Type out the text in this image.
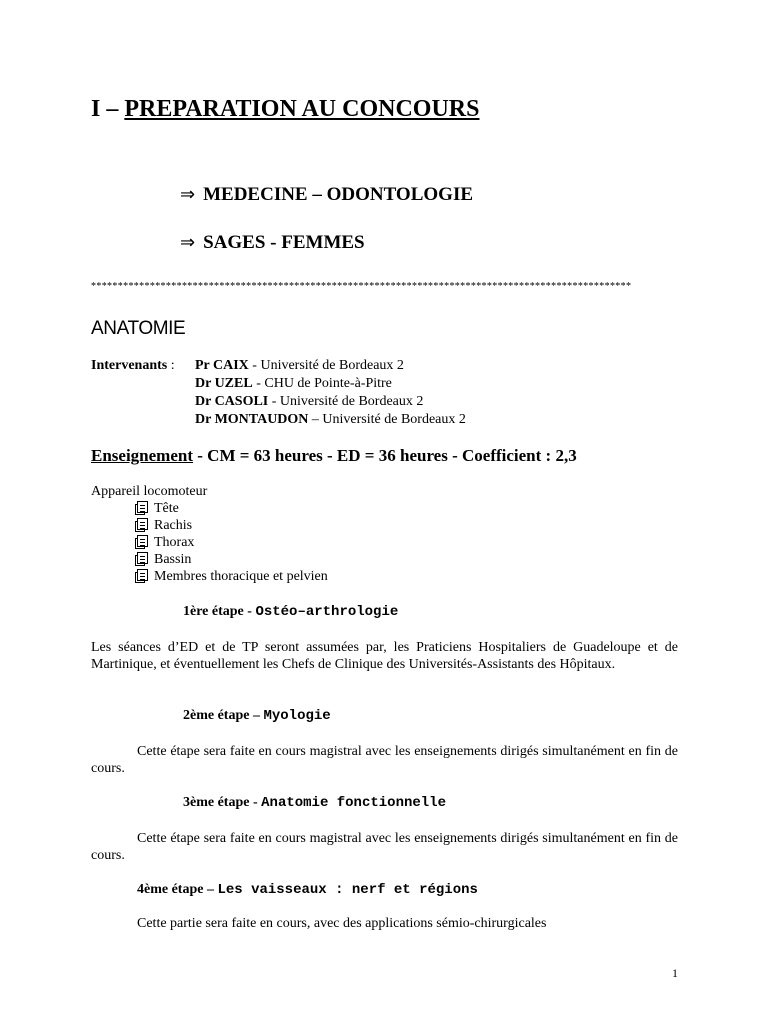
I – PREPARATION AU CONCOURS
⇒ MEDECINE – ODONTOLOGIE
⇒ SAGES - FEMMES
*****************************************************************************************************
ANATOMIE
Intervenants : Pr CAIX - Université de Bordeaux 2
Dr UZEL - CHU de Pointe-à-Pitre
Dr CASOLI - Université de Bordeaux 2
Dr MONTAUDON – Université de Bordeaux 2
Enseignement - CM = 63 heures - ED = 36 heures - Coefficient : 2,3
Appareil locomoteur
Tête
Rachis
Thorax
Bassin
Membres thoracique et pelvien
1ère étape - Ostéo–arthrologie
Les séances d’ED et de TP seront assumées par, les Praticiens Hospitaliers de Guadeloupe et de Martinique, et éventuellement les Chefs de Clinique des Universités-Assistants des Hôpitaux.
2ème étape – Myologie
Cette étape sera faite en cours magistral avec les enseignements dirigés simultanément en fin de cours.
3ème étape - Anatomie fonctionnelle
Cette étape sera faite en cours magistral avec les enseignements dirigés simultanément en fin de cours.
4ème étape – Les vaisseaux : nerf et régions
Cette partie sera faite en cours, avec des applications sémio-chirurgicales
1
